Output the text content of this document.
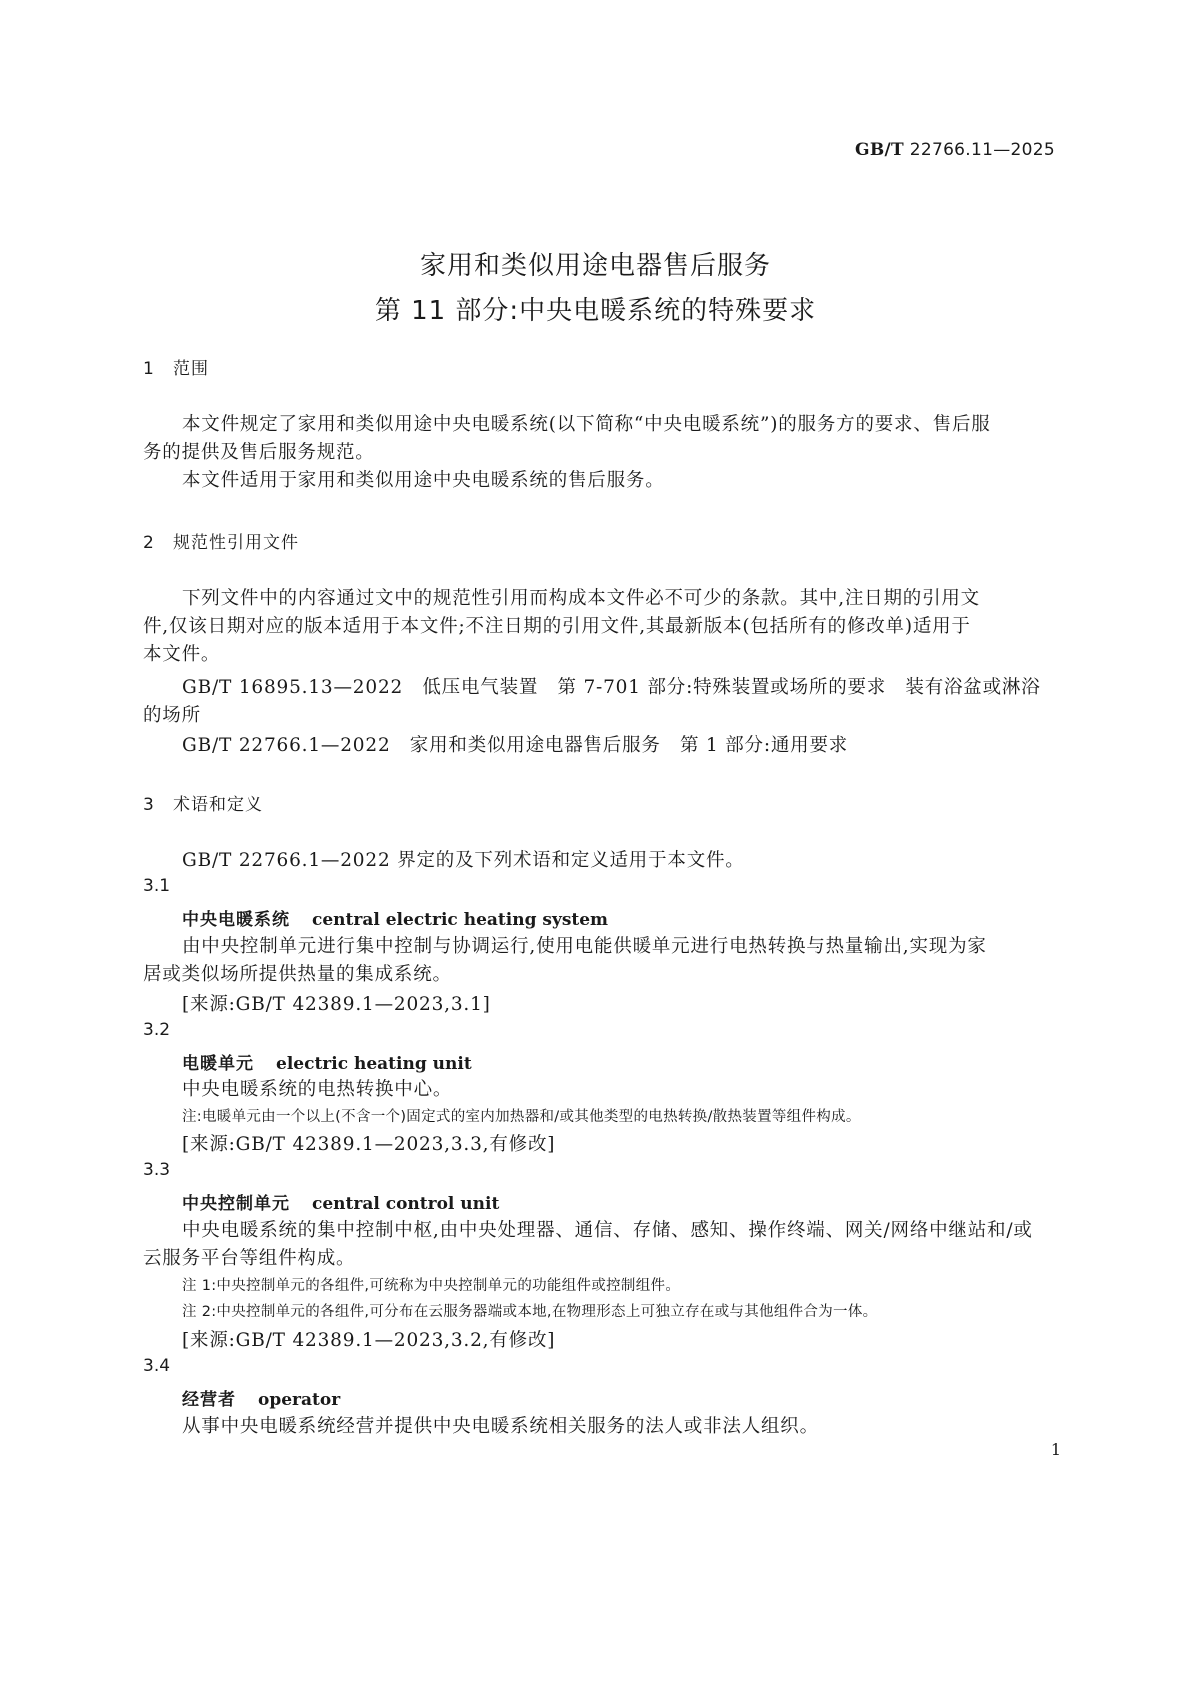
GB/T 22766.11—2025
家用和类似用途电器售后服务
第 11 部分:中央电暖系统的特殊要求
1 范围
本文件规定了家用和类似用途中央电暖系统(以下简称“中央电暖系统”)的服务方的要求、售后服
务的提供及售后服务规范。
本文件适用于家用和类似用途中央电暖系统的售后服务。
2 规范性引用文件
下列文件中的内容通过文中的规范性引用而构成本文件必不可少的条款。其中,注日期的引用文
件,仅该日期对应的版本适用于本文件;不注日期的引用文件,其最新版本(包括所有的修改单)适用于
本文件。
GB/T 16895.13—2022　低压电气装置　第 7-701 部分:特殊装置或场所的要求　装有浴盆或淋浴
的场所
GB/T 22766.1—2022　家用和类似用途电器售后服务　第 1 部分:通用要求
3 术语和定义
GB/T 22766.1—2022 界定的及下列术语和定义适用于本文件。
3.1
中央电暖系统 central electric heating system
由中央控制单元进行集中控制与协调运行,使用电能供暖单元进行电热转换与热量输出,实现为家
居或类似场所提供热量的集成系统。
[来源:GB/T 42389.1—2023,3.1]
3.2
电暖单元 electric heating unit
中央电暖系统的电热转换中心。
注:电暖单元由一个以上(不含一个)固定式的室内加热器和/或其他类型的电热转换/散热装置等组件构成。
[来源:GB/T 42389.1—2023,3.3,有修改]
3.3
中央控制单元 central control unit
中央电暖系统的集中控制中枢,由中央处理器、通信、存储、感知、操作终端、网关/网络中继站和/或
云服务平台等组件构成。
注 1:中央控制单元的各组件,可统称为中央控制单元的功能组件或控制组件。
注 2:中央控制单元的各组件,可分布在云服务器端或本地,在物理形态上可独立存在或与其他组件合为一体。
[来源:GB/T 42389.1—2023,3.2,有修改]
3.4
经营者 operator
从事中央电暖系统经营并提供中央电暖系统相关服务的法人或非法人组织。
1
